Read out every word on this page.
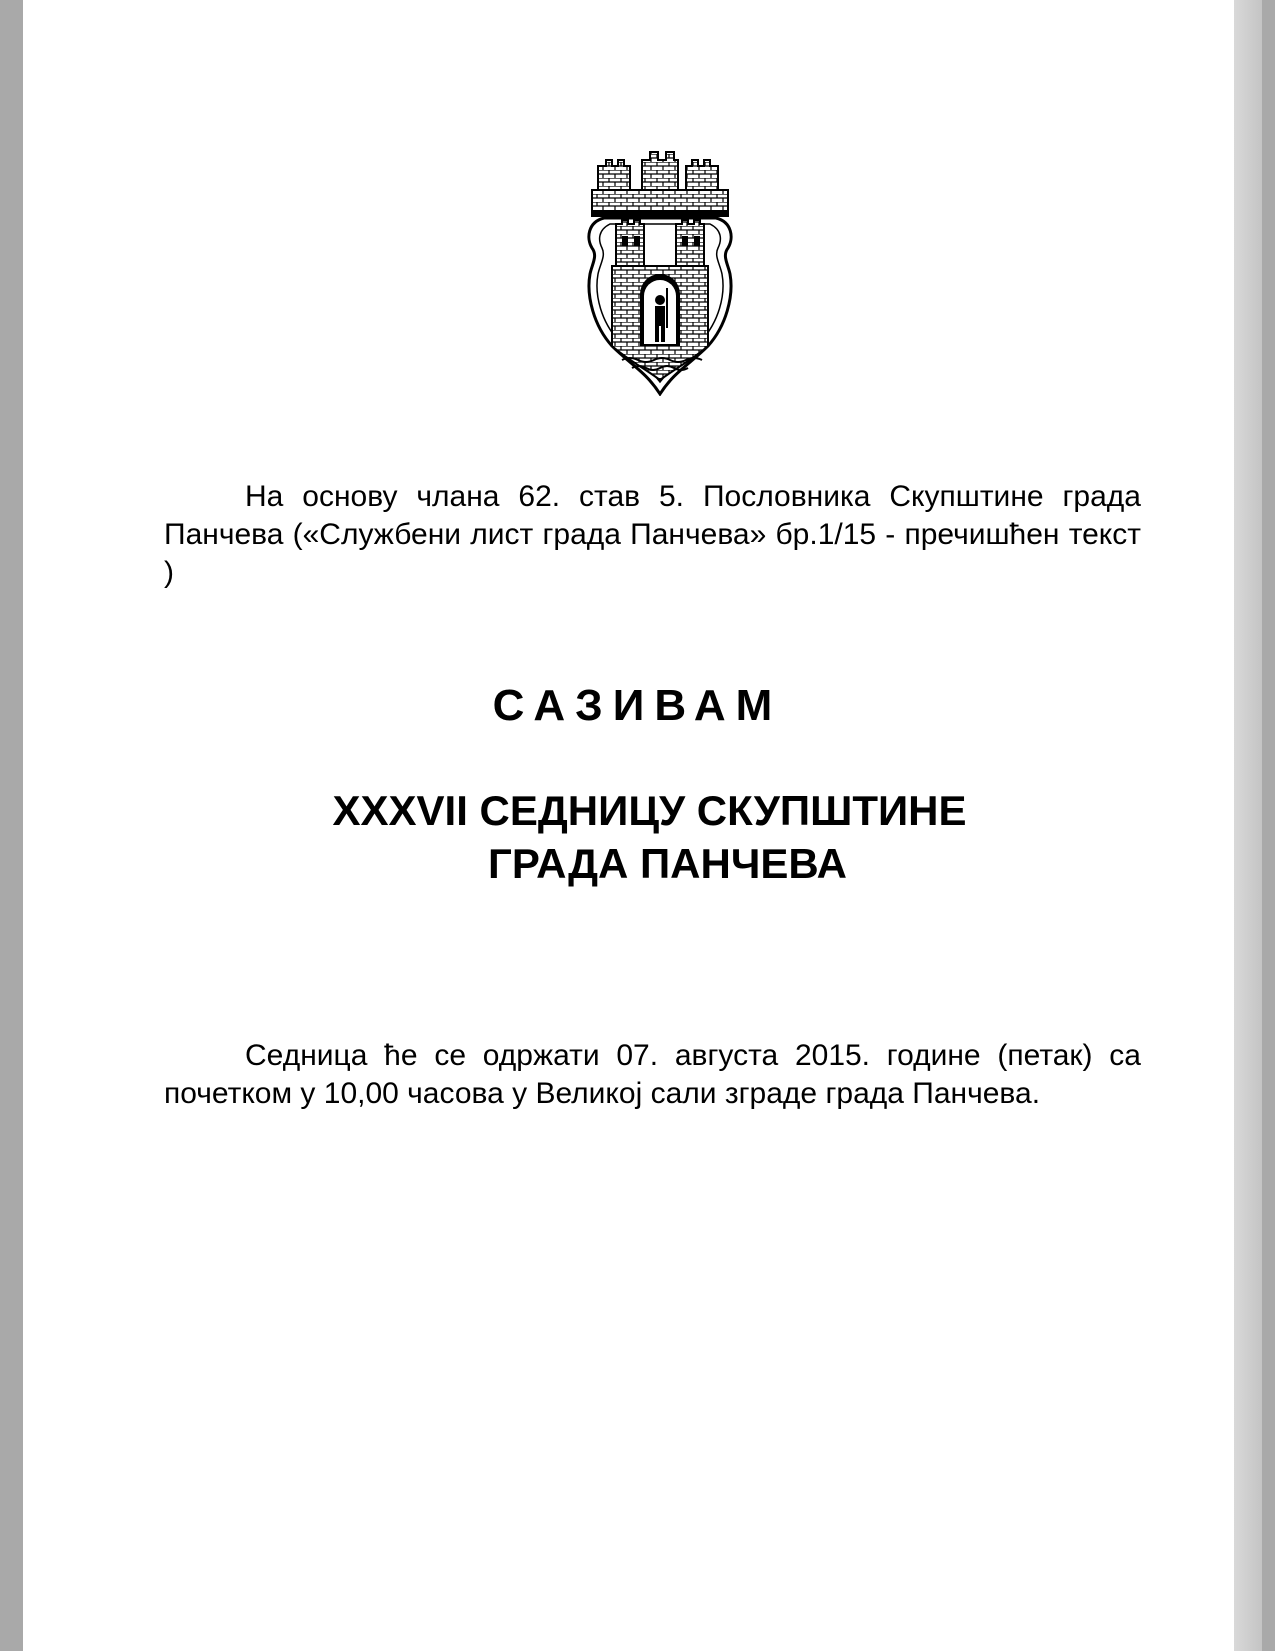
На основу члана 62. став 5. Пословника Скупштине града Панчева («Службени лист града Панчева» бр.1/15 - пречишћен текст )

САЗИВАМ

XXXVII СЕДНИЦУ СКУПШТИНЕ

ГРАДА ПАНЧЕВА

Седница ће се одржати 07. августа 2015. године (петак) са почетком у 10,00 часова у Великој сали зграде града Панчева.
